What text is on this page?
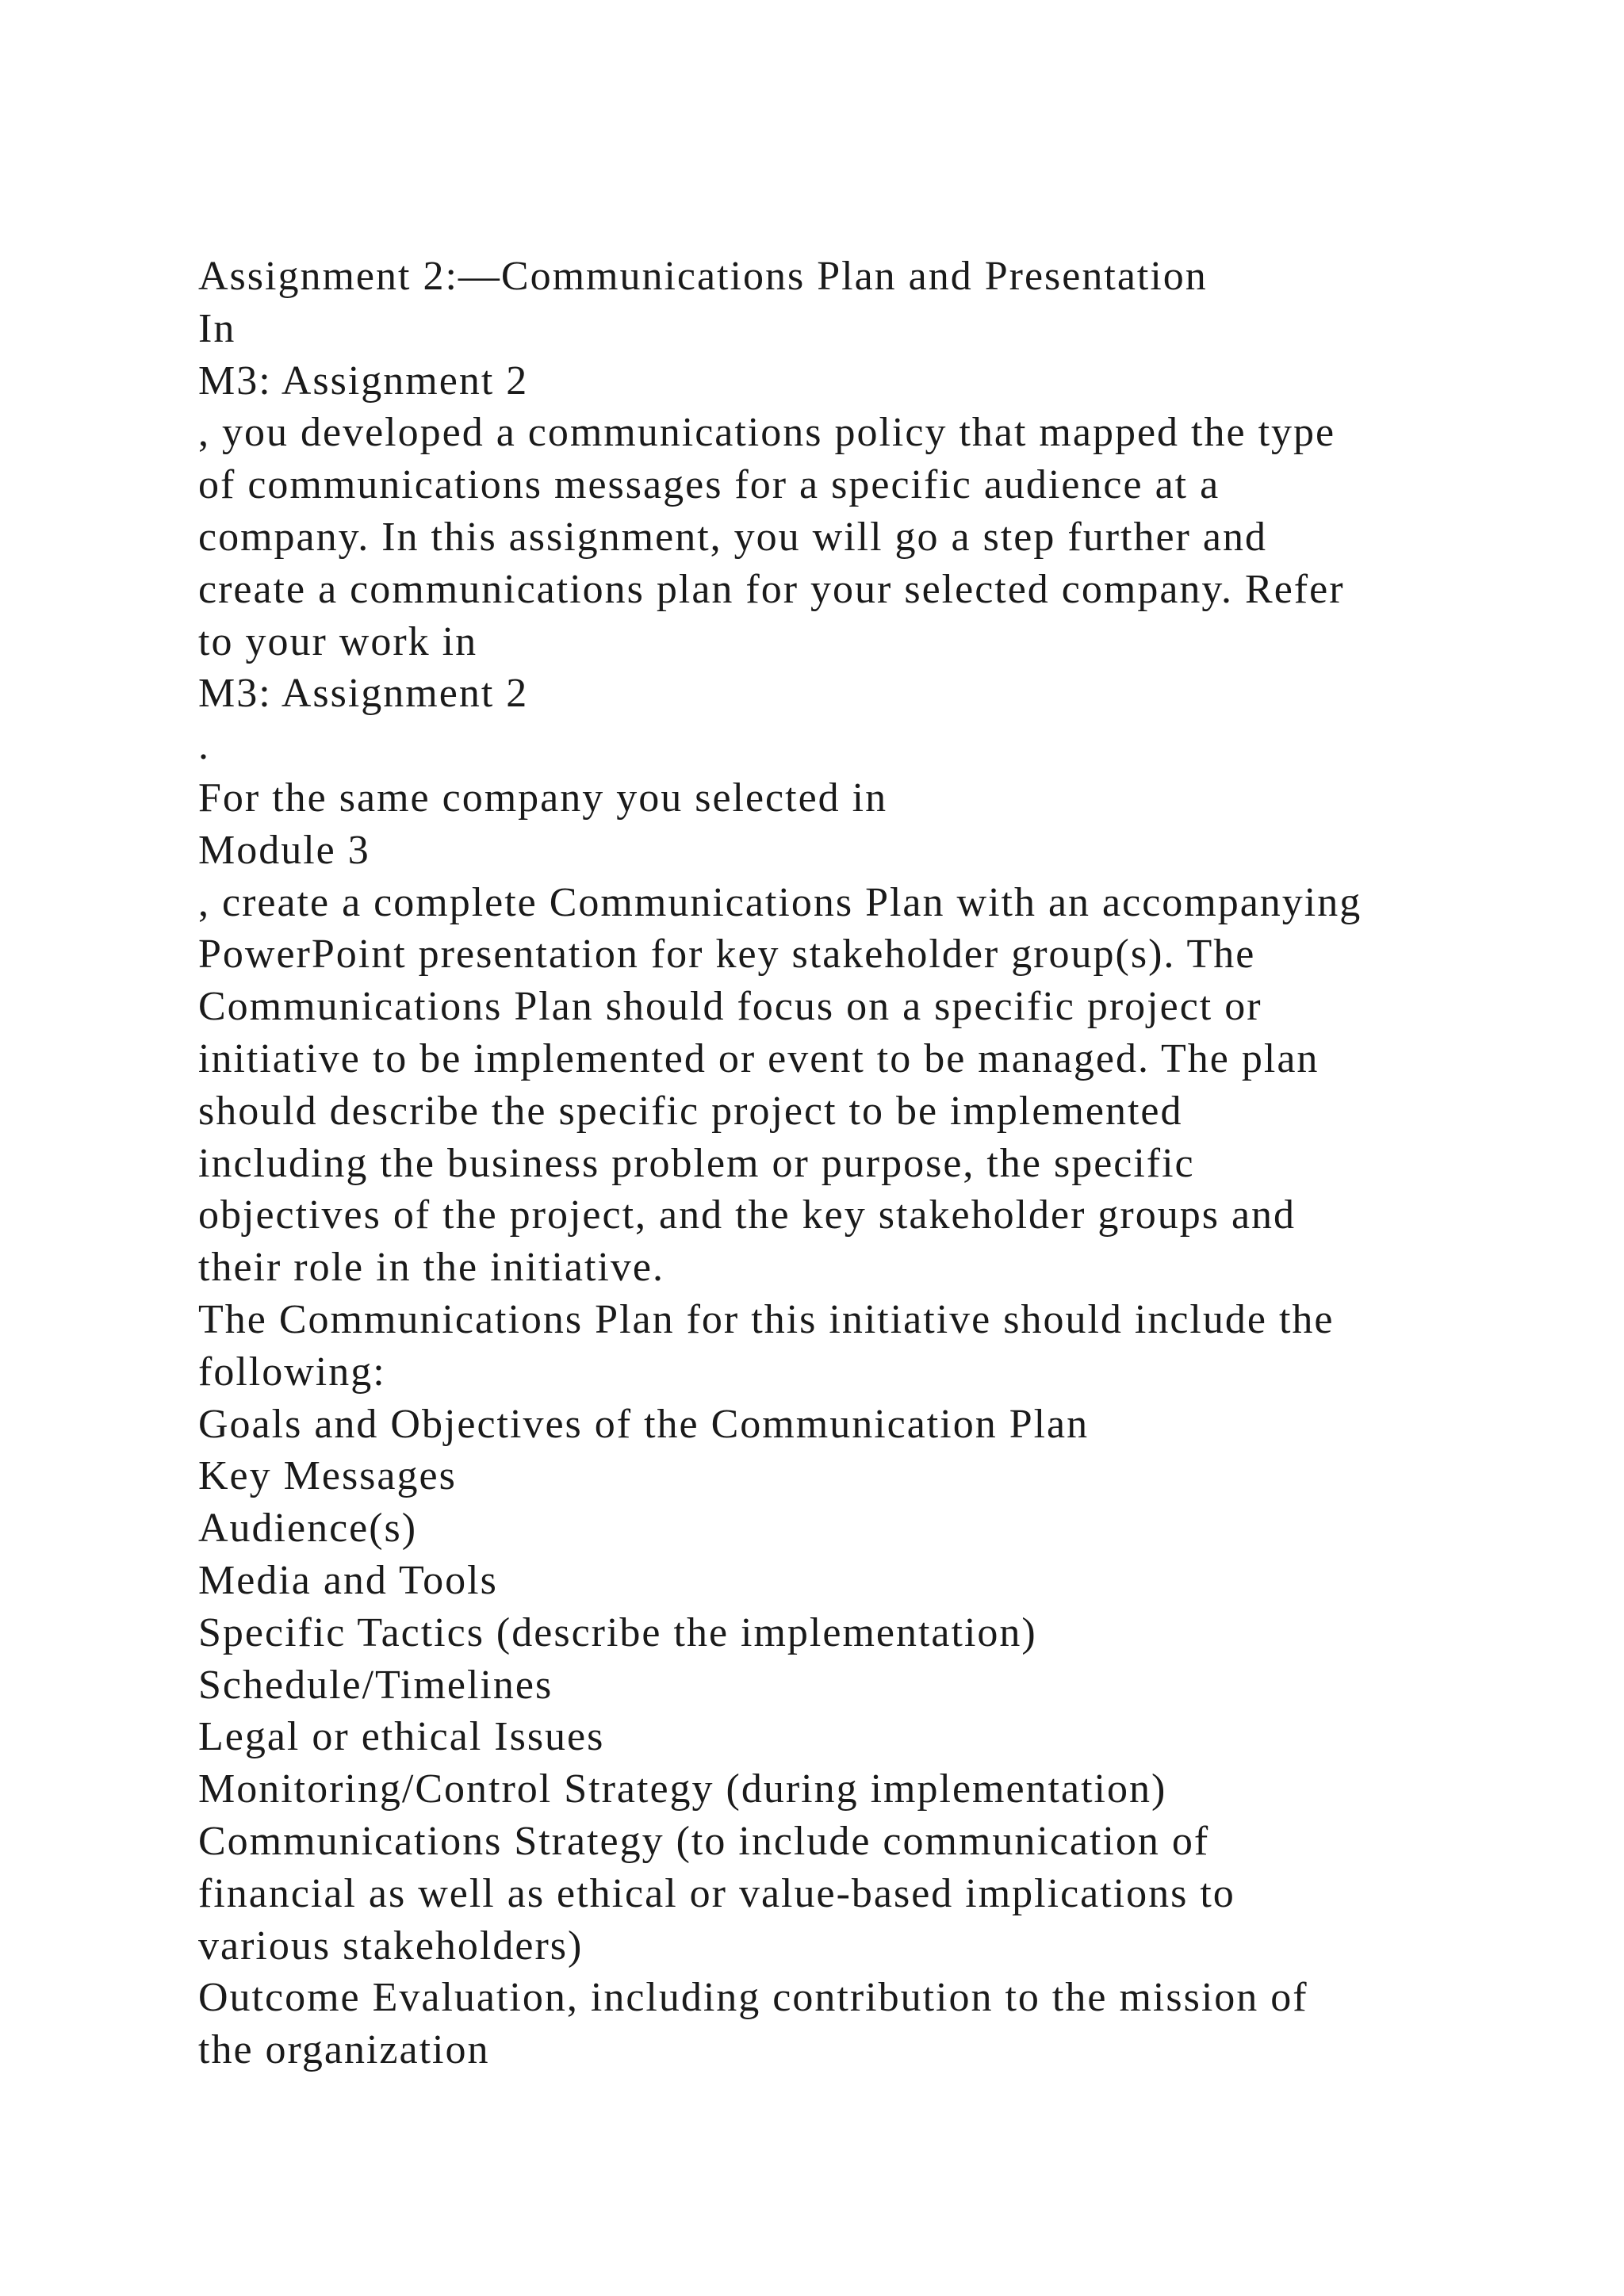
Assignment 2:—Communications Plan and Presentation
In
M3: Assignment 2
, you developed a communications policy that mapped the type
of communications messages for a specific audience at a
company. In this assignment, you will go a step further and
create a communications plan for your selected company. Refer
to your work in
M3: Assignment 2
.
For the same company you selected in
Module 3
, create a complete Communications Plan with an accompanying
PowerPoint presentation for key stakeholder group(s). The
Communications Plan should focus on a specific project or
initiative to be implemented or event to be managed. The plan
should describe the specific project to be implemented
including the business problem or purpose, the specific
objectives of the project, and the key stakeholder groups and
their role in the initiative.
The Communications Plan for this initiative should include the
following:
Goals and Objectives of the Communication Plan
Key Messages
Audience(s)
Media and Tools
Specific Tactics (describe the implementation)
Schedule/Timelines
Legal or ethical Issues
Monitoring/Control Strategy (during implementation)
Communications Strategy (to include communication of
financial as well as ethical or value-based implications to
various stakeholders)
Outcome Evaluation, including contribution to the mission of
the organization
